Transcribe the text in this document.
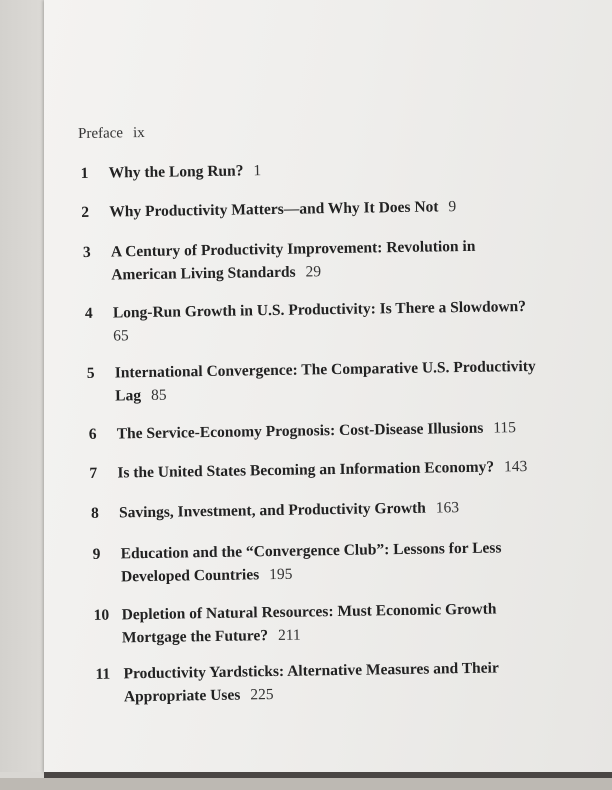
Preface ix
1	Why the Long Run? 1
2	Why Productivity Matters—and Why It Does Not 9
3	A Century of Productivity Improvement: Revolution in
American Living Standards 29
4	Long-Run Growth in U.S. Productivity: Is There a Slowdown?
65
5	International Convergence: The Comparative U.S. Productivity
Lag 85
6	The Service-Economy Prognosis: Cost-Disease Illusions 115
7	Is the United States Becoming an Information Economy? 143
8	Savings, Investment, and Productivity Growth 163
9	Education and the “Convergence Club”: Lessons for Less
Developed Countries 195
10 Depletion of Natural Resources: Must Economic Growth
Mortgage the Future? 211
11 Productivity Yardsticks: Alternative Measures and Their
Appropriate Uses 225
